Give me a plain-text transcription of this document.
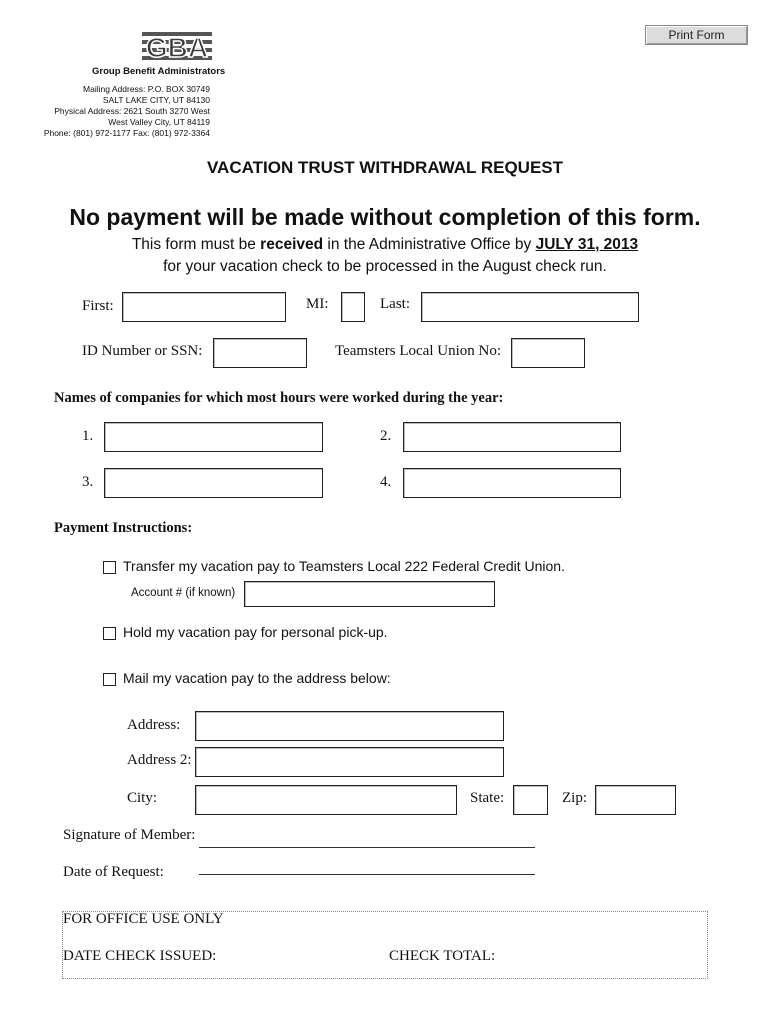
Print Form
GBA
Group Benefit Administrators
Mailing Address: P.O. BOX 30749
SALT LAKE CITY, UT 84130
Physical Address: 2621 South 3270 West
West Valley City, UT 84119
Phone: (801) 972-1177 Fax: (801) 972-3364
VACATION TRUST WITHDRAWAL REQUEST
No payment will be made without completion of this form.
This form must be received in the Administrative Office by JULY 31, 2013
for your vacation check to be processed in the August check run.
First:	MI:	Last:
ID Number or SSN:	Teamsters Local Union No:
Names of companies for which most hours were worked during the year:
1.	2.
3.	4.
Payment Instructions:
Transfer my vacation pay to Teamsters Local 222 Federal Credit Union.
Account # (if known)
Hold my vacation pay for personal pick-up.
Mail my vacation pay to the address below:
Address:
Address 2:
City:	State:	Zip:
Signature of Member:
Date of Request:
FOR OFFICE USE ONLY
DATE CHECK ISSUED:	CHECK TOTAL:
